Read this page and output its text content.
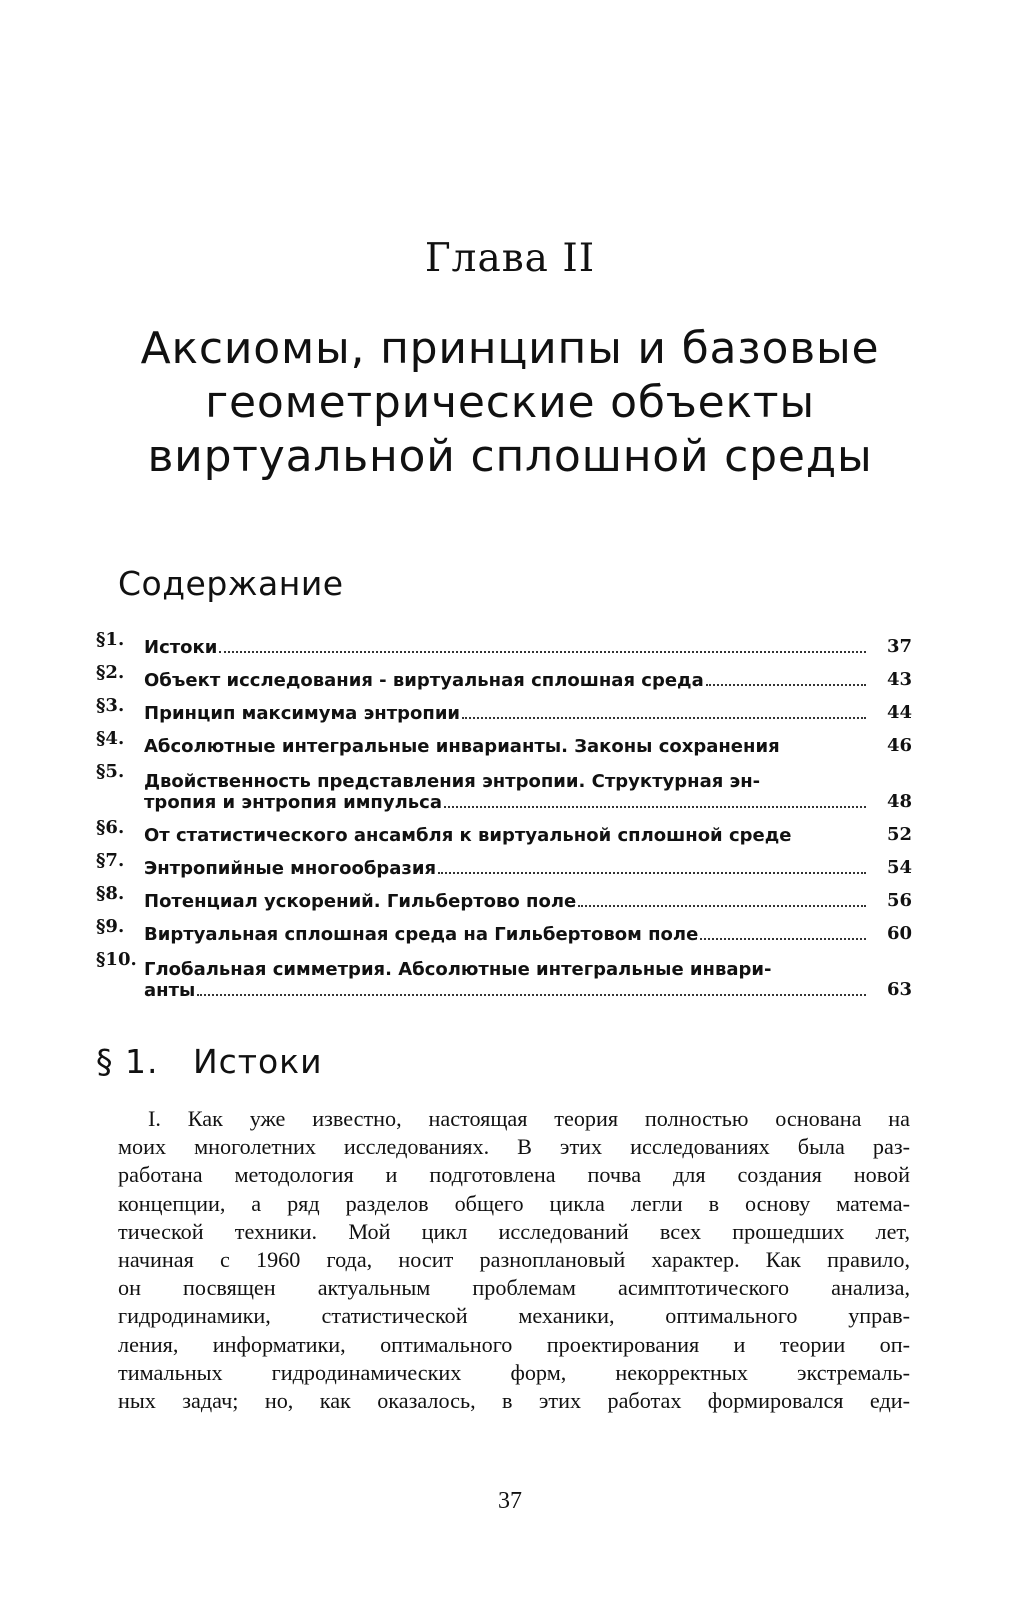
Глава II
Аксиомы, принципы и базовые
геометрические объекты
виртуальной сплошной среды
Содержание
§1.	Истоки	37
§2.	Объект исследования - виртуальная сплошная среда	43
§3.	Принцип максимума энтропии	44
§4.	Абсолютные интегральные инварианты. Законы сохранения	46
§5.	Двойственность представления энтропии. Структурная эн-
тропия и энтропия импульса	48
§6.	От статистического ансамбля к виртуальной сплошной среде	52
§7.	Энтропийные многообразия	54
§8.	Потенциал ускорений. Гильбертово поле	56
§9.	Виртуальная сплошная среда на Гильбертовом поле	60
§10. Глобальная симметрия. Абсолютные интегральные инвари-
анты	63
§ 1.   Истоки
I. Как уже известно, настоящая теория полностью основана на
моих многолетних исследованиях. В этих исследованиях была раз-
работана методология и подготовлена почва для создания новой
концепции, а ряд разделов общего цикла легли в основу матема-
тической техники. Мой цикл исследований всех прошедших лет,
начиная с 1960 года, носит разноплановый характер. Как правило,
он посвящен актуальным проблемам асимптотического анализа,
гидродинамики, статистической механики, оптимального управ-
ления, информатики, оптимального проектирования и теории оп-
тимальных гидродинамических форм, некорректных экстремаль-
ных задач; но, как оказалось, в этих работах формировался еди-
37
